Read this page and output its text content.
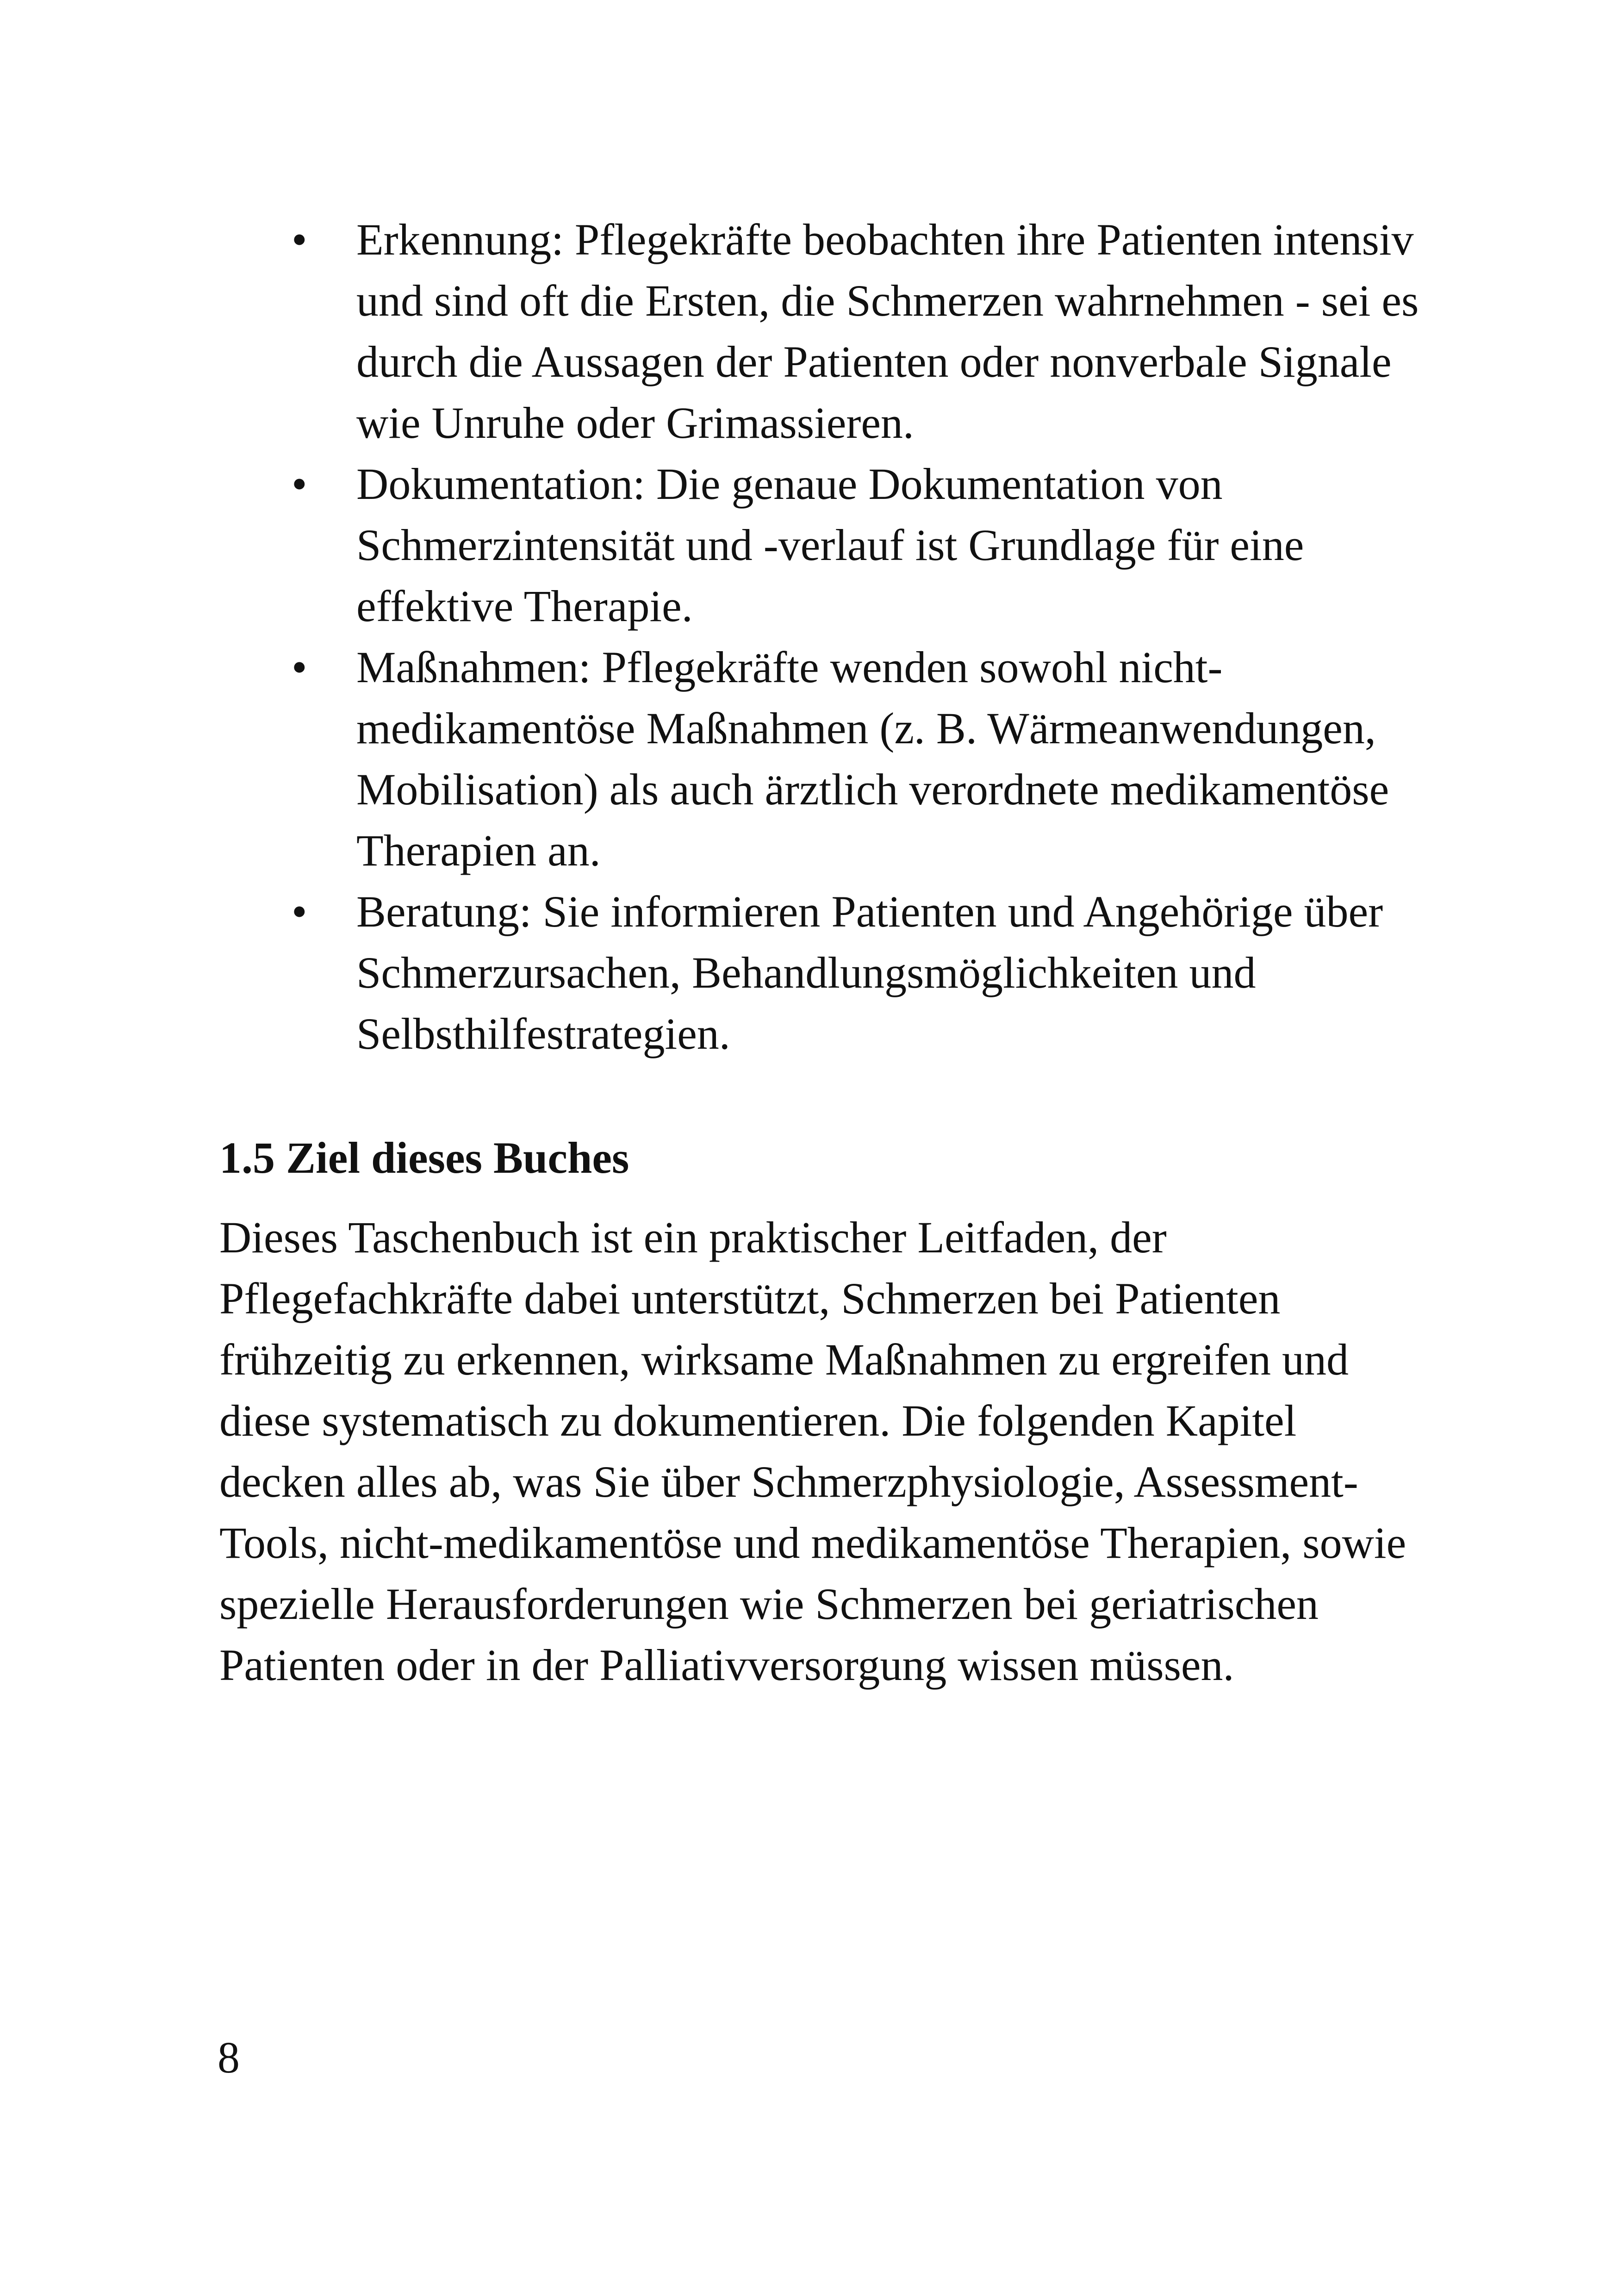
•	Erkennung: Pflegekräfte beobachten ihre Patienten intensiv und sind oft die Ersten, die Schmerzen wahrnehmen - sei es durch die Aussagen der Patienten oder nonverbale Signale wie Unruhe oder Grimassieren.
•	Dokumentation: Die genaue Dokumentation von Schmerzintensität und -verlauf ist Grundlage für eine effektive Therapie.
•	Maßnahmen: Pflegekräfte wenden sowohl nicht-medikamentöse Maßnahmen (z. B. Wärmeanwendungen, Mobilisation) als auch ärztlich verordnete medikamentöse Therapien an.
•	Beratung: Sie informieren Patienten und Angehörige über Schmerzursachen, Behandlungsmöglichkeiten und Selbsthilfestrategien.
1.5 Ziel dieses Buches

Dieses Taschenbuch ist ein praktischer Leitfaden, der Pflegefachkräfte dabei unterstützt, Schmerzen bei Patienten frühzeitig zu erkennen, wirksame Maßnahmen zu ergreifen und diese systematisch zu dokumentieren. Die folgenden Kapitel decken alles ab, was Sie über Schmerzphysiologie, Assessment-Tools, nicht-medikamentöse und medikamentöse Therapien, sowie spezielle Herausforderungen wie Schmerzen bei geriatrischen Patienten oder in der Palliativversorgung wissen müssen.

8
